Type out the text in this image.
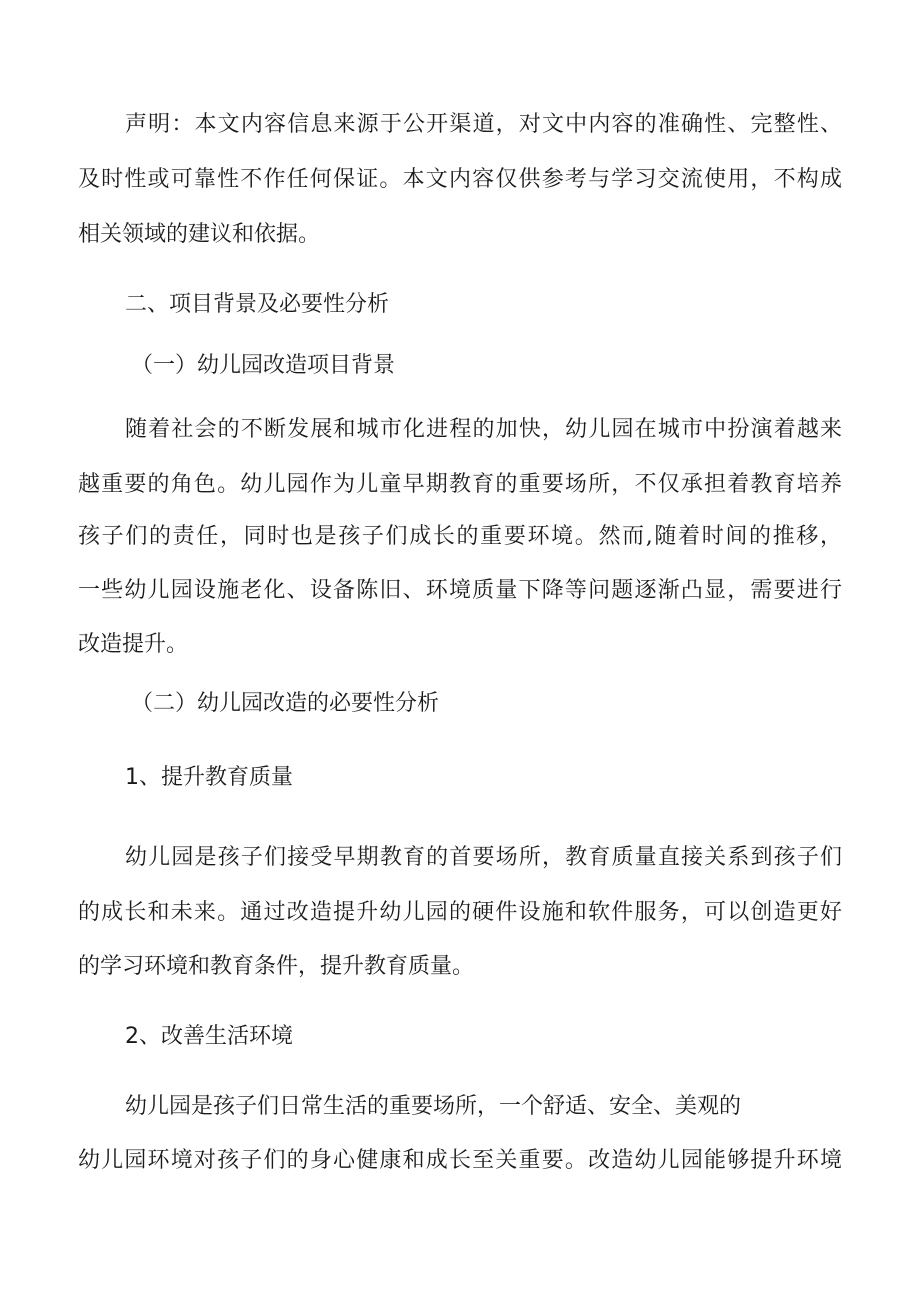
声明：本文内容信息来源于公开渠道，对文中内容的准确性、完整性、
及时性或可靠性不作任何保证。本文内容仅供参考与学习交流使用，不构成
相关领域的建议和依据。
二、项目背景及必要性分析
（一）幼儿园改造项目背景
随着社会的不断发展和城市化进程的加快，幼儿园在城市中扮演着越来
越重要的角色。幼儿园作为儿童早期教育的重要场所，不仅承担着教育培养
孩子们的责任，同时也是孩子们成长的重要环境。然而,随着时间的推移，
一些幼儿园设施老化、设备陈旧、环境质量下降等问题逐渐凸显，需要进行
改造提升。
（二）幼儿园改造的必要性分析
1、提升教育质量
幼儿园是孩子们接受早期教育的首要场所，教育质量直接关系到孩子们
的成长和未来。通过改造提升幼儿园的硬件设施和软件服务，可以创造更好
的学习环境和教育条件，提升教育质量。
2、改善生活环境
幼儿园是孩子们日常生活的重要场所，一个舒适、安全、美观的
幼儿园环境对孩子们的身心健康和成长至关重要。改造幼儿园能够提升环境
